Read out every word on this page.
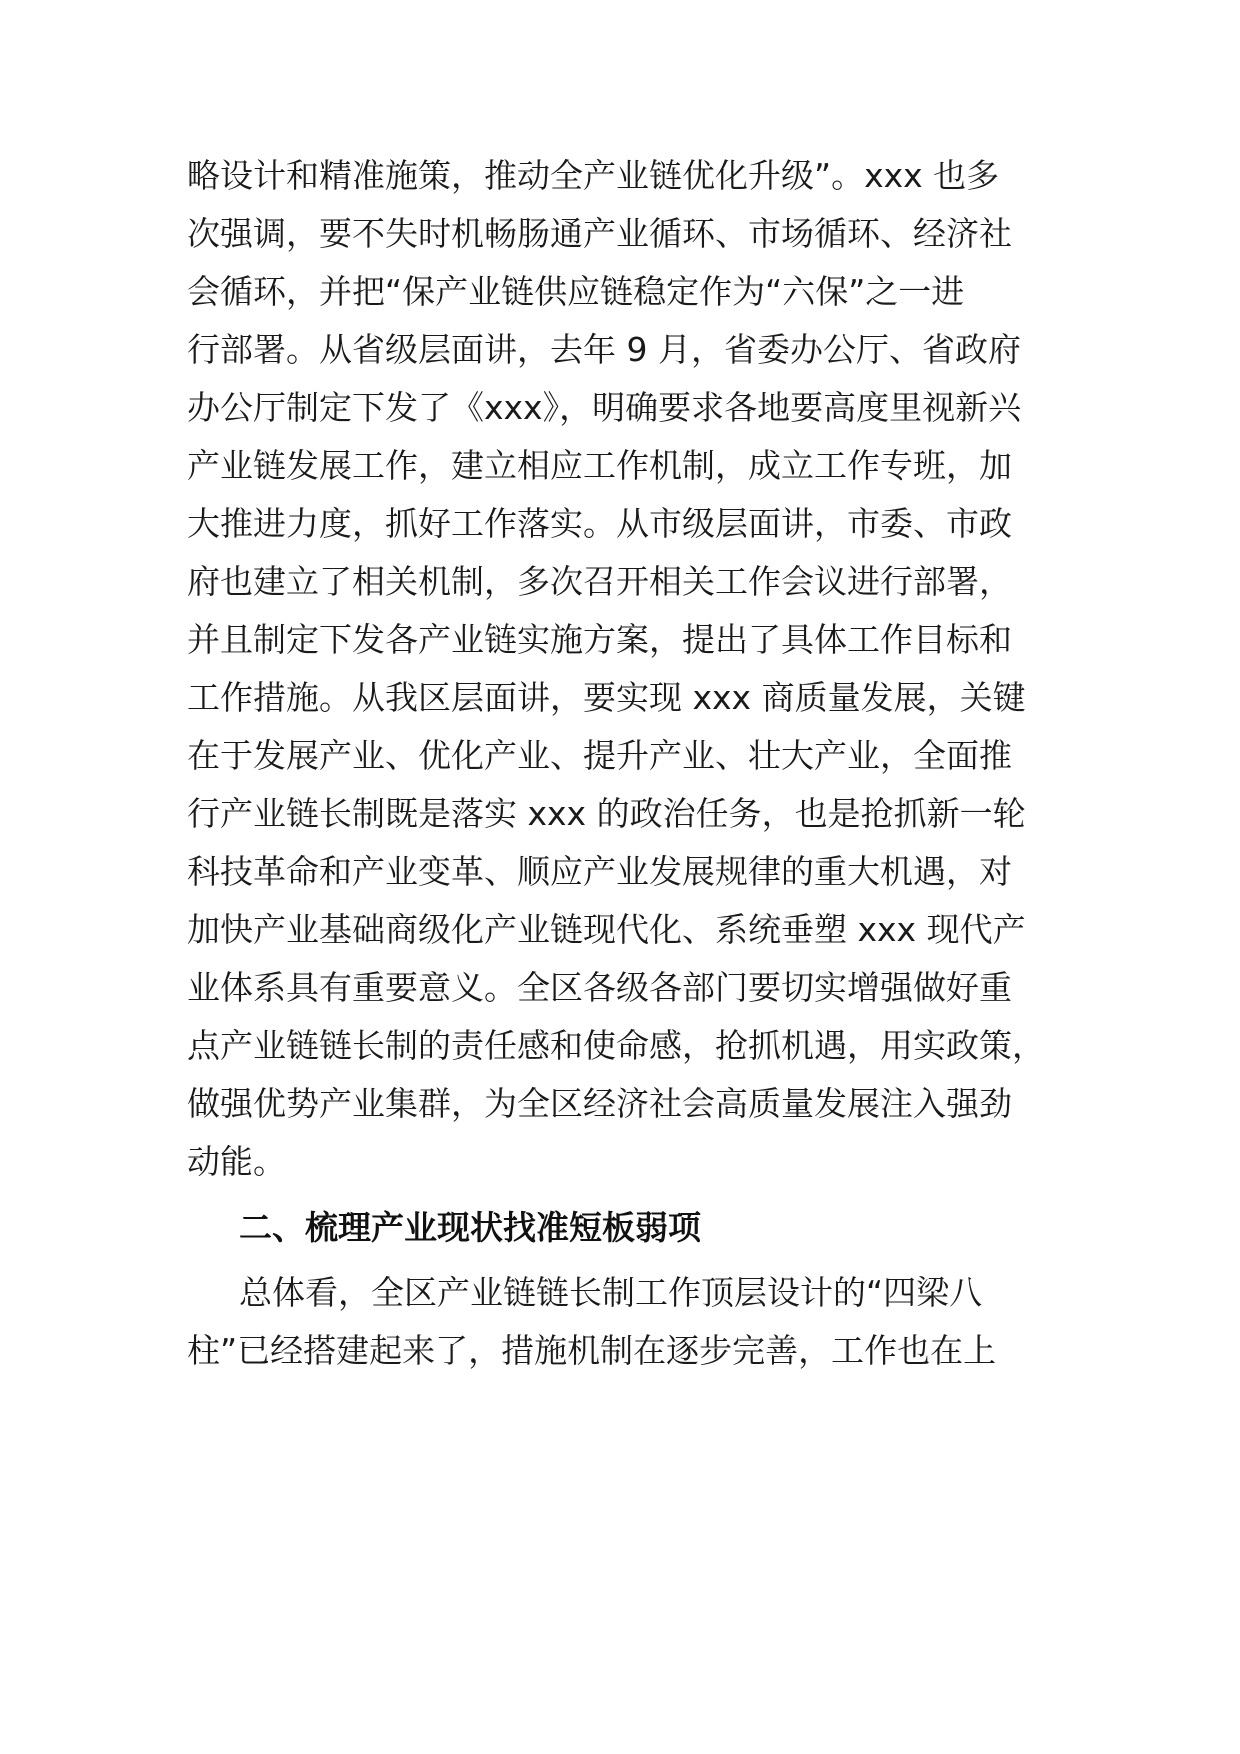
略设计和精准施策，推动全产业链优化升级”。xxx 也多
次强调，要不失时机畅肠通产业循环、市场循环、经济社
会循环，并把“保产业链供应链稳定作为“六保”之一进
行部署。从省级层面讲，去年 9 月，省委办公厅、省政府
办公厅制定下发了《xxx》，明确要求各地要高度里视新兴
产业链发展工作，建立相应工作机制，成立工作专班，加
大推进力度，抓好工作落实。从市级层面讲，市委、市政
府也建立了相关机制，多次召开相关工作会议进行部署，
并且制定下发各产业链实施方案，提出了具体工作目标和
工作措施。从我区层面讲，要实现 xxx 商质量发展，关键
在于发展产业、优化产业、提升产业、壮大产业，全面推
行产业链长制既是落实 xxx 的政治任务，也是抢抓新一轮
科技革命和产业变革、顺应产业发展规律的重大机遇，对
加快产业基础商级化产业链现代化、系统垂塑 xxx 现代产
业体系具有重要意义。全区各级各部门要切实增强做好重
点产业链链长制的责任感和使命感，抢抓机遇，用实政策，
做强优势产业集群，为全区经济社会高质量发展注入强劲
动能。
二、梳理产业现状找准短板弱项
总体看，全区产业链链长制工作顶层设计的“四梁八
柱”已经搭建起来了，措施机制在逐步完善，工作也在上
